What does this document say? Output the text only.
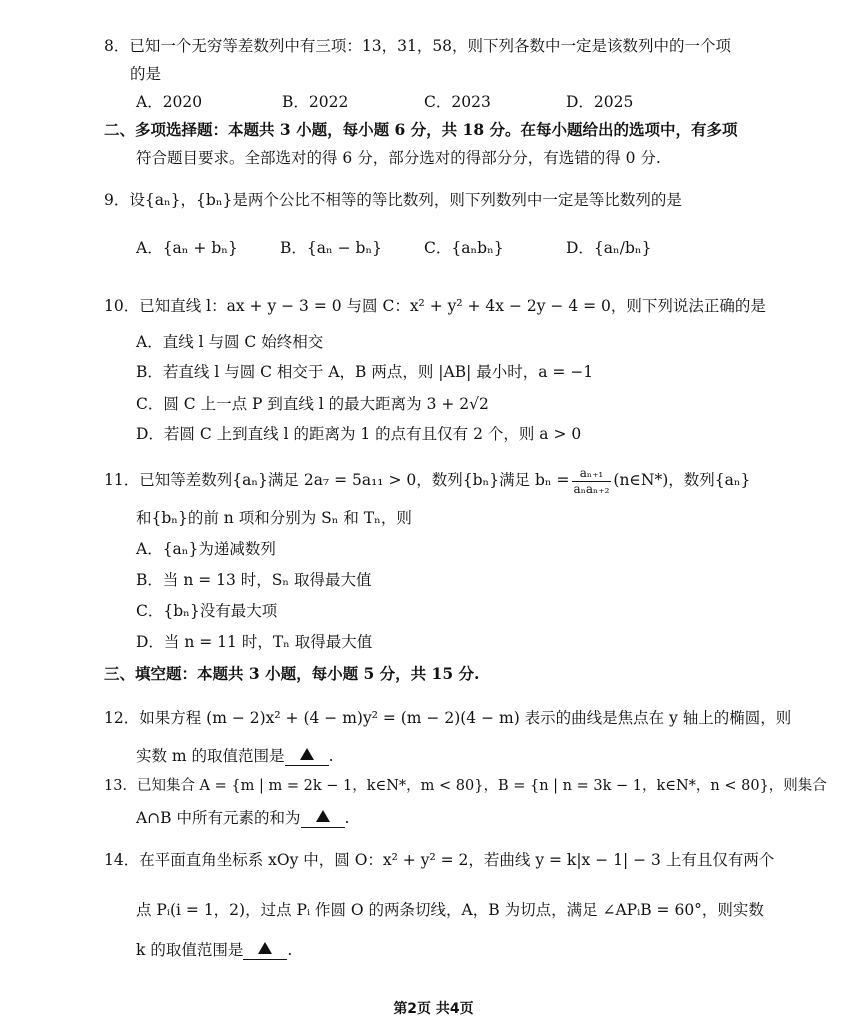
8．已知一个无穷等差数列中有三项：13，31，58，则下列各数中一定是该数列中的一个项
的是
A．2020	B．2022	C．2023	D．2025
二、多项选择题：本题共 3 小题，每小题 6 分，共 18 分。在每小题给出的选项中，有多项
符合题目要求。全部选对的得 6 分，部分选对的得部分分，有选错的得 0 分.
9．设{aₙ}，{bₙ}是两个公比不相等的等比数列，则下列数列中一定是等比数列的是
A．{aₙ + bₙ}	B．{aₙ − bₙ}	C．{aₙbₙ}	D．{aₙ/bₙ}
10．已知直线 l：ax + y − 3 = 0 与圆 C：x² + y² + 4x − 2y − 4 = 0，则下列说法正确的是
A．直线 l 与圆 C 始终相交
B．若直线 l 与圆 C 相交于 A，B 两点，则 |AB| 最小时，a = −1
C．圆 C 上一点 P 到直线 l 的最大距离为 3 + 2√2
D．若圆 C 上到直线 l 的距离为 1 的点有且仅有 2 个，则 a > 0
11．已知等差数列{aₙ}满足 2a₇ = 5a₁₁ > 0，数列{bₙ}满足 $b_n = \frac{\text{aₙ₊₁}}{\text{aₙaₙ₊₂}}$ (n∈N*)，数列{aₙ}
和{bₙ}的前 n 项和分别为 Sₙ 和 Tₙ，则
A．{aₙ}为递减数列
B．当 n = 13 时，Sₙ 取得最大值
C．{bₙ}没有最大项
D．当 n = 11 时，Tₙ 取得最大值
三、填空题：本题共 3 小题，每小题 5 分，共 15 分.
12．如果方程 (m − 2)x² + (4 − m)y² = (m − 2)(4 − m) 表示的曲线是焦点在 y 轴上的椭圆，则
实数 m 的取值范围是	.
13．已知集合 A = {m | m = 2k − 1，k∈N*，m < 80}，B = {n | n = 3k − 1，k∈N*，n < 80}，则集合
A∩B 中所有元素的和为	.
14．在平面直角坐标系 xOy 中，圆 O：x² + y² = 2，若曲线 y = k|x − 1| − 3 上有且仅有两个
点 Pᵢ(i = 1，2)，过点 Pᵢ 作圆 O 的两条切线，A，B 为切点，满足 ∠APᵢB = 60°，则实数
k 的取值范围是	.
第2页 共4页
